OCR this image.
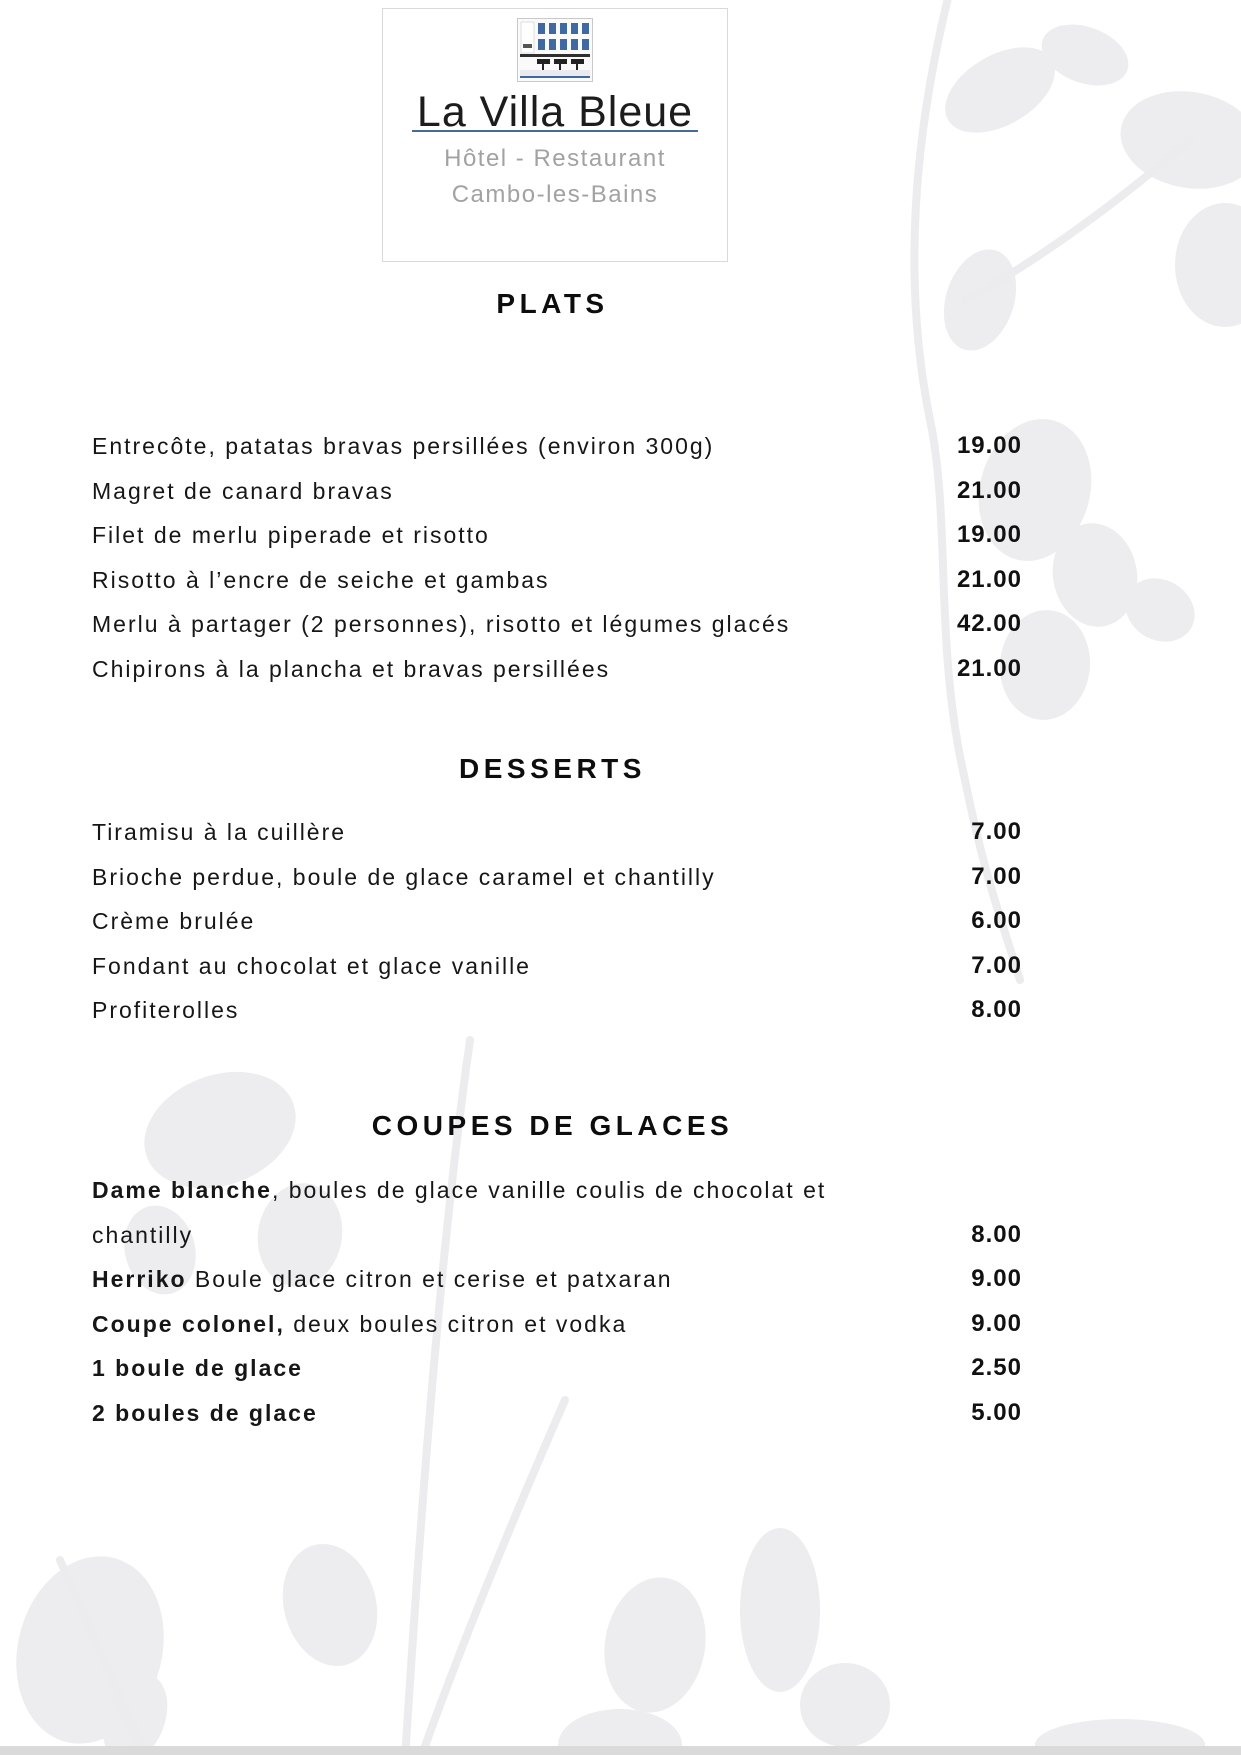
La Villa Bleue
Hôtel - Restaurant
Cambo-les-Bains
PLATS
Entrecôte, patatas bravas persillées (environ 300g)	19.00
Magret de canard bravas	21.00
Filet de merlu piperade et risotto	19.00
Risotto à l’encre de seiche et gambas	21.00
Merlu à partager (2 personnes), risotto et légumes glacés	42.00
Chipirons à la plancha et bravas persillées	21.00
DESSERTS
Tiramisu à la cuillère	7.00
Brioche perdue, boule de glace caramel et chantilly	7.00
Crème brulée	6.00
Fondant au chocolat et glace vanille	7.00
Profiterolles	8.00
COUPES DE GLACES
Dame blanche, boules de glace vanille coulis de chocolat et chantilly	8.00
Herriko Boule glace citron et cerise et patxaran	9.00
Coupe colonel, deux boules citron et vodka	9.00
1 boule de glace	2.50
2 boules de glace	5.00
